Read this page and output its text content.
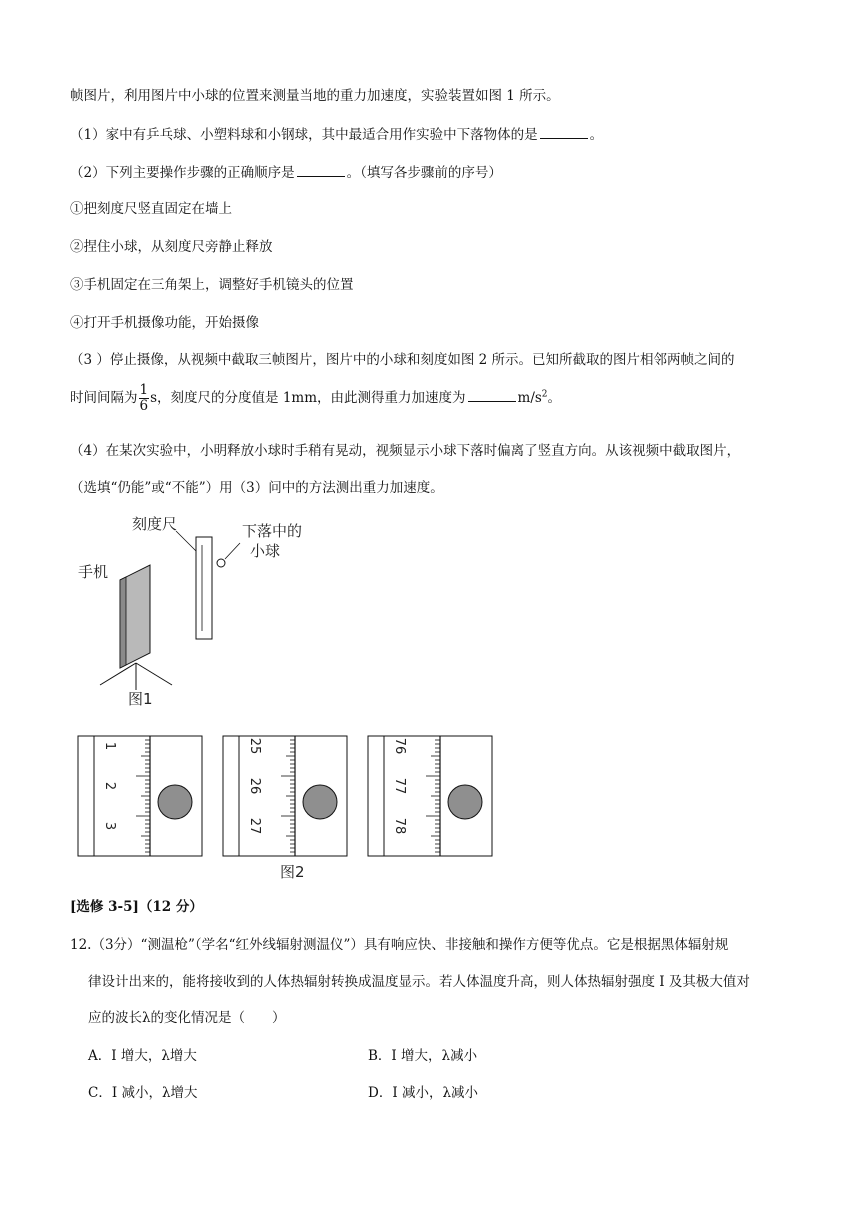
帧图片，利用图片中小球的位置来测量当地的重力加速度，实验装置如图 1 所示。
（1）家中有乒乓球、小塑料球和小钢球，其中最适合用作实验中下落物体的是	。
（2）下列主要操作步骤的正确顺序是	。（填写各步骤前的序号）
①把刻度尺竖直固定在墙上
②捏住小球，从刻度尺旁静止释放
③手机固定在三角架上，调整好手机镜头的位置
④打开手机摄像功能，开始摄像
（3 ）停止摄像，从视频中截取三帧图片，图片中的小球和刻度如图 2 所示。已知所截取的图片相邻两帧之间的
时间间隔为 $\frac{1}{6}$ s，刻度尺的分度值是 1mm，由此测得重力加速度为	$m/s^2$。
（4）在某次实验中，小明释放小球时手稍有晃动，视频显示小球下落时偏离了竖直方向。从该视频中截取图片，
（选填“仍能”或“不能”）用（3）问中的方法测出重力加速度。
刻度尺	下落中的
小球
手机
图1
76
77
78
25
26
27
1
2
3
图2
[选修 3-5]（12 分）
12.（3分）“测温枪”（学名“红外线辐射测温仪”）具有响应快、非接触和操作方便等优点。它是根据黑体辐射规
律设计出来的，能将接收到的人体热辐射转换成温度显示。若人体温度升高，则人体热辐射强度 I 及其极大值对
应的波长λ的变化情况是（　　）
A．I 增大，λ增大	B．I 增大，λ减小
C．I 减小，λ增大	D．I 减小，λ减小
